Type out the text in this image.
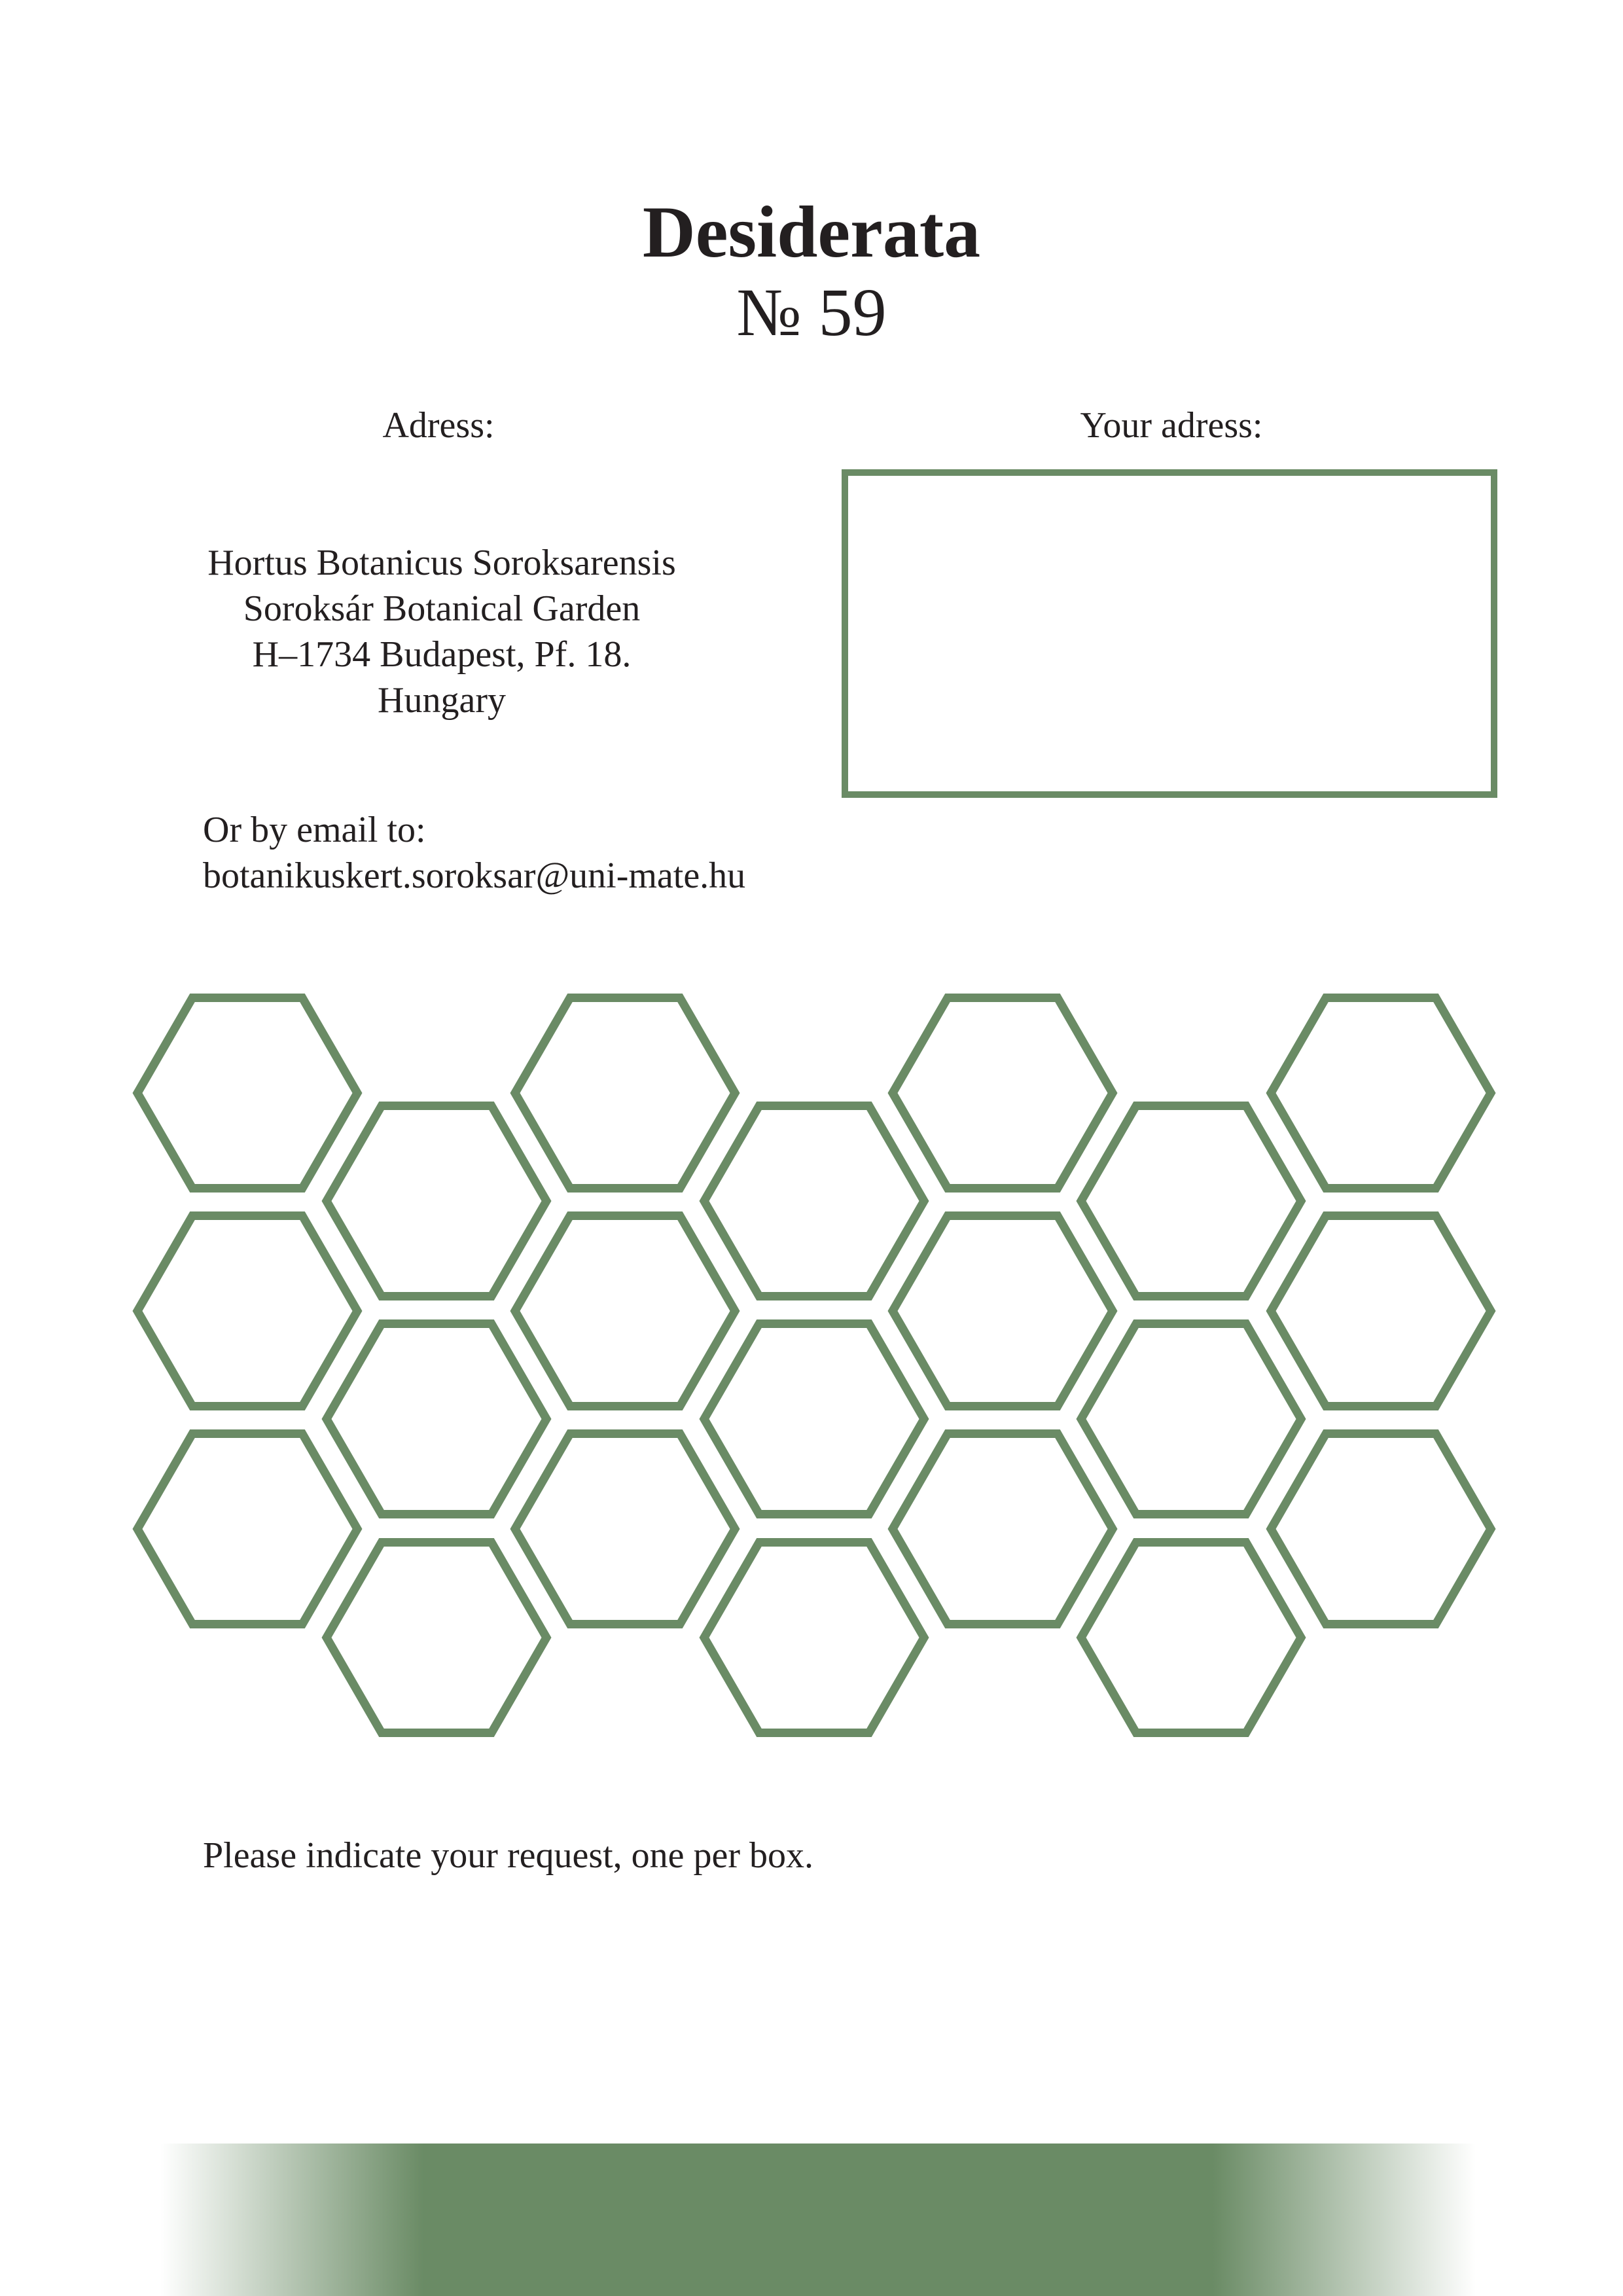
Desiderata
№ 59
Adress:	Your adress:
Hortus Botanicus Soroksarensis
Soroksár Botanical Garden
H–1734 Budapest, Pf. 18.
Hungary
Or by email to:
botanikuskert.soroksar@uni-mate.hu
Please indicate your request, one per box.
